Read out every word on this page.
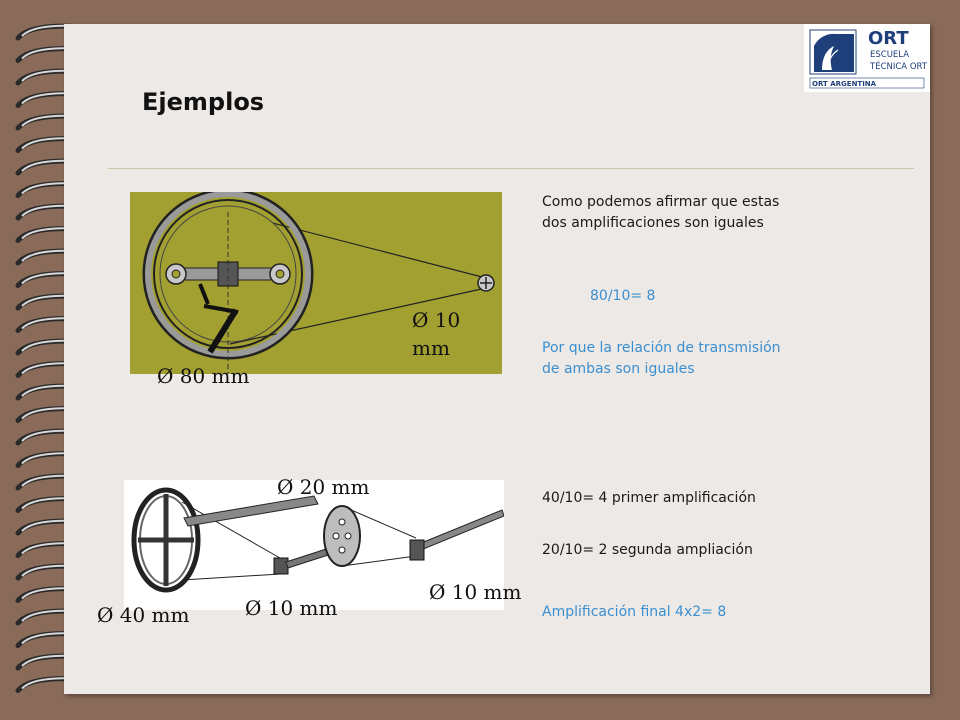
Ejemplos
ORT
ESCUELA
TÉCNICA ORT
ORT ARGENTINA
Ø 10 mm
Ø 80 mm
Como podemos afirmar que estas dos amplificaciones son iguales
80/10= 8
Por que la relación de transmisión de ambas son iguales
Ø 20 mm
Ø 10 mm
Ø 10 mm
Ø 40 mm
40/10= 4 primer amplificación
20/10= 2 segunda ampliación
Amplificación final 4x2= 8
